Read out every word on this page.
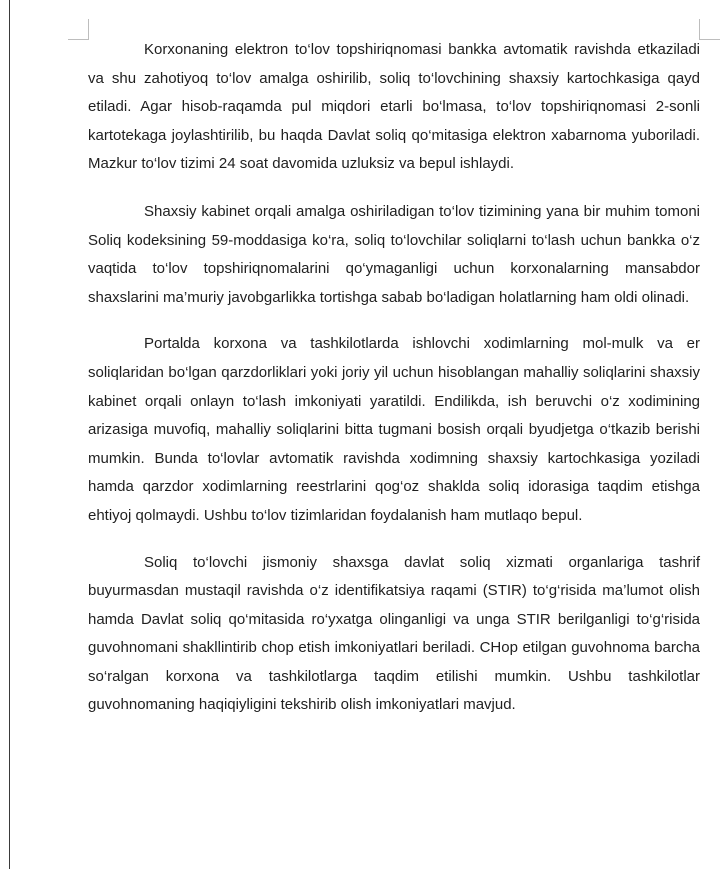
Korxonaning elektron to‘lov topshiriqnomasi bankka avtomatik ravishda etkaziladi va shu zahotiyoq to‘lov amalga oshirilib, soliq to‘lovchining shaxsiy kartochkasiga qayd etiladi. Agar hisob-raqamda pul miqdori etarli bo‘lmasa, to‘lov topshiriqnomasi 2-sonli kartotekaga joylashtirilib, bu haqda Davlat soliq qo‘mitasiga elektron xabarnoma yuboriladi. Mazkur to‘lov tizimi 24 soat davomida uzluksiz va bepul ishlaydi.

Shaxsiy kabinet orqali amalga oshiriladigan to‘lov tizimining yana bir muhim tomoni Soliq kodeksining 59-moddasiga ko‘ra, soliq to‘lovchilar soliqlarni to‘lash uchun bankka o‘z vaqtida to‘lov topshiriqnomalarini qo‘ymaganligi uchun korxonalarning mansabdor shaxslarini ma’muriy javobgarlikka tortishga sabab bo‘ladigan holatlarning ham oldi olinadi.

Portalda korxona va tashkilotlarda ishlovchi xodimlarning mol-mulk va er soliqlaridan bo‘lgan qarzdorliklari yoki joriy yil uchun hisoblangan mahalliy soliqlarini shaxsiy kabinet orqali onlayn to‘lash imkoniyati yaratildi. Endilikda, ish beruvchi o‘z xodimining arizasiga muvofiq, mahalliy soliqlarini bitta tugmani bosish orqali byudjetga o‘tkazib berishi mumkin. Bunda to‘lovlar avtomatik ravishda xodimning shaxsiy kartochkasiga yoziladi hamda qarzdor xodimlarning reestrlarini qog‘oz shaklda soliq idorasiga taqdim etishga ehtiyoj qolmaydi. Ushbu to‘lov tizimlaridan foydalanish ham mutlaqo bepul.

Soliq to‘lovchi jismoniy shaxsga davlat soliq xizmati organlariga tashrif buyurmasdan mustaqil ravishda o‘z identifikatsiya raqami (STIR) to‘g‘risida ma’lumot olish hamda Davlat soliq qo‘mitasida ro‘yxatga olinganligi va unga STIR berilganligi to‘g‘risida guvohnomani shakllintirib chop etish imkoniyatlari beriladi. CHop etilgan guvohnoma barcha so‘ralgan korxona va tashkilotlarga taqdim etilishi mumkin. Ushbu tashkilotlar guvohnomaning haqiqiyligini tekshirib olish imkoniyatlari mavjud.
